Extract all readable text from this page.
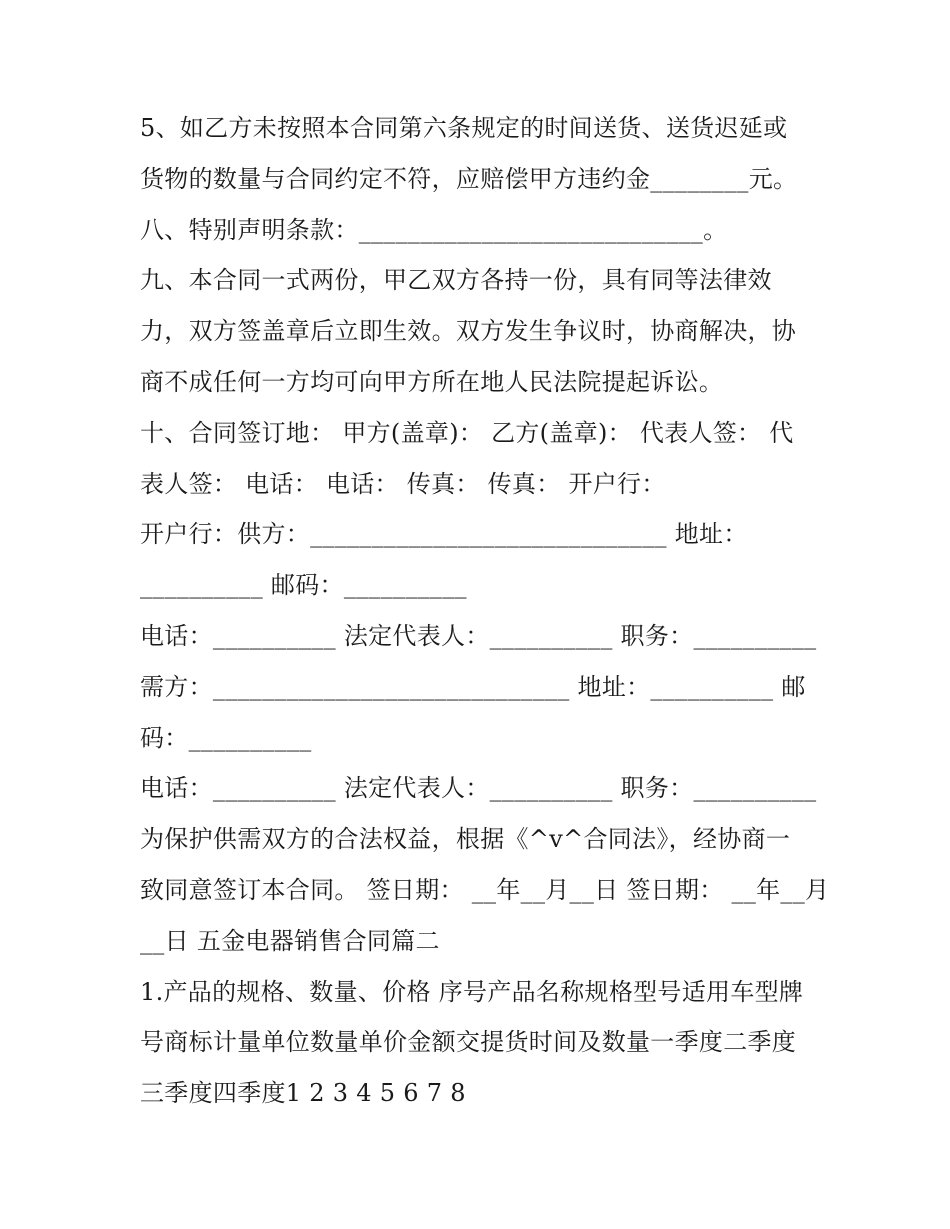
5、如乙方未按照本合同第六条规定的时间送货、送货迟延或
货物的数量与合同约定不符，应赔偿甲方违约金________元。
八、特别声明条款：____________________________。
九、本合同一式两份，甲乙双方各持一份，具有同等法律效
力，双方签盖章后立即生效。双方发生争议时，协商解决，协
商不成任何一方均可向甲方所在地人民法院提起诉讼。
十、合同签订地： 甲方(盖章)： 乙方(盖章)： 代表人签： 代
表人签： 电话： 电话： 传真： 传真： 开户行：
开户行：供方：_____________________________ 地址：
__________ 邮码：__________
电话：__________ 法定代表人：__________ 职务：__________
需方：_____________________________ 地址：__________ 邮
码：__________
电话：__________ 法定代表人：__________ 职务：__________
为保护供需双方的合法权益，根据《^v^合同法》，经协商一
致同意签订本合同。 签日期： __年__月__日 签日期： __年__月
__日 五金电器销售合同篇二
1.产品的规格、数量、价格 序号产品名称规格型号适用车型牌
号商标计量单位数量单价金额交提货时间及数量一季度二季度
三季度四季度1 2 3 4 5 6 7 8
